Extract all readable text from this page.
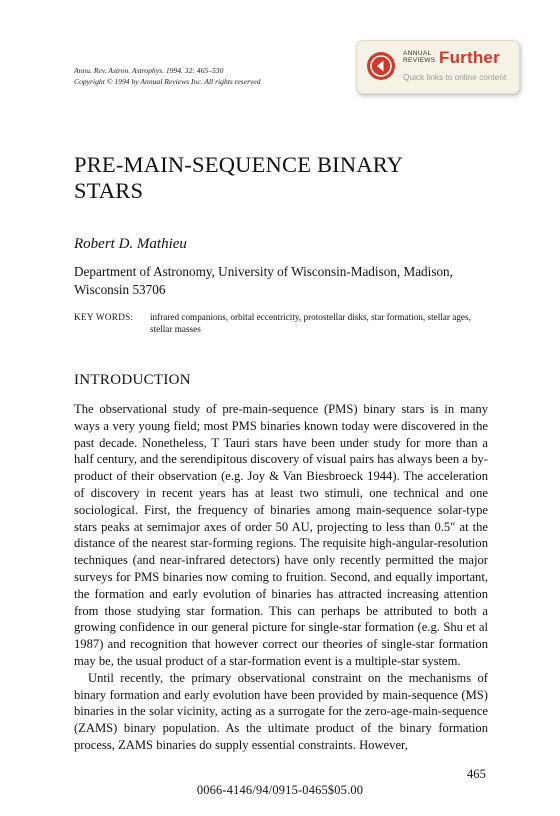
Annu. Rev. Astron. Astrophys. 1994. 32: 465–530
Copyright © 1994 by Annual Reviews Inc. All rights reserved
ANNUAL
REVIEWS Further
Quick links to online content
PRE-MAIN-SEQUENCE BINARY STARS
Robert D. Mathieu
Department of Astronomy, University of Wisconsin-Madison, Madison, Wisconsin 53706
KEY WORDS:	infrared companions, orbital eccentricity, protostellar disks, star formation, stellar ages, stellar masses
INTRODUCTION

The observational study of pre-main-sequence (PMS) binary stars is in many ways a very young field; most PMS binaries known today were discovered in the past decade. Nonetheless, T Tauri stars have been under study for more than a half century, and the serendipitous discovery of visual pairs has always been a by-product of their observation (e.g. Joy & Van Biesbroeck 1944). The acceleration of discovery in recent years has at least two stimuli, one technical and one sociological. First, the frequency of binaries among main-sequence solar-type stars peaks at semimajor axes of order 50 AU, projecting to less than 0.5″ at the distance of the nearest star-forming regions. The requisite high-angular-resolution techniques (and near-infrared detectors) have only recently permitted the major surveys for PMS binaries now coming to fruition. Second, and equally important, the formation and early evolution of binaries has attracted increasing attention from those studying star formation. This can perhaps be attributed to both a growing confidence in our general picture for single-star formation (e.g. Shu et al 1987) and recognition that however correct our theories of single-star formation may be, the usual product of a star-formation event is a multiple-star system.

Until recently, the primary observational constraint on the mechanisms of binary formation and early evolution have been provided by main-sequence (MS) binaries in the solar vicinity, acting as a surrogate for the zero-age-main-sequence (ZAMS) binary population. As the ultimate product of the binary formation process, ZAMS binaries do supply essential constraints. However,

465
0066-4146/94/0915-0465$05.00
